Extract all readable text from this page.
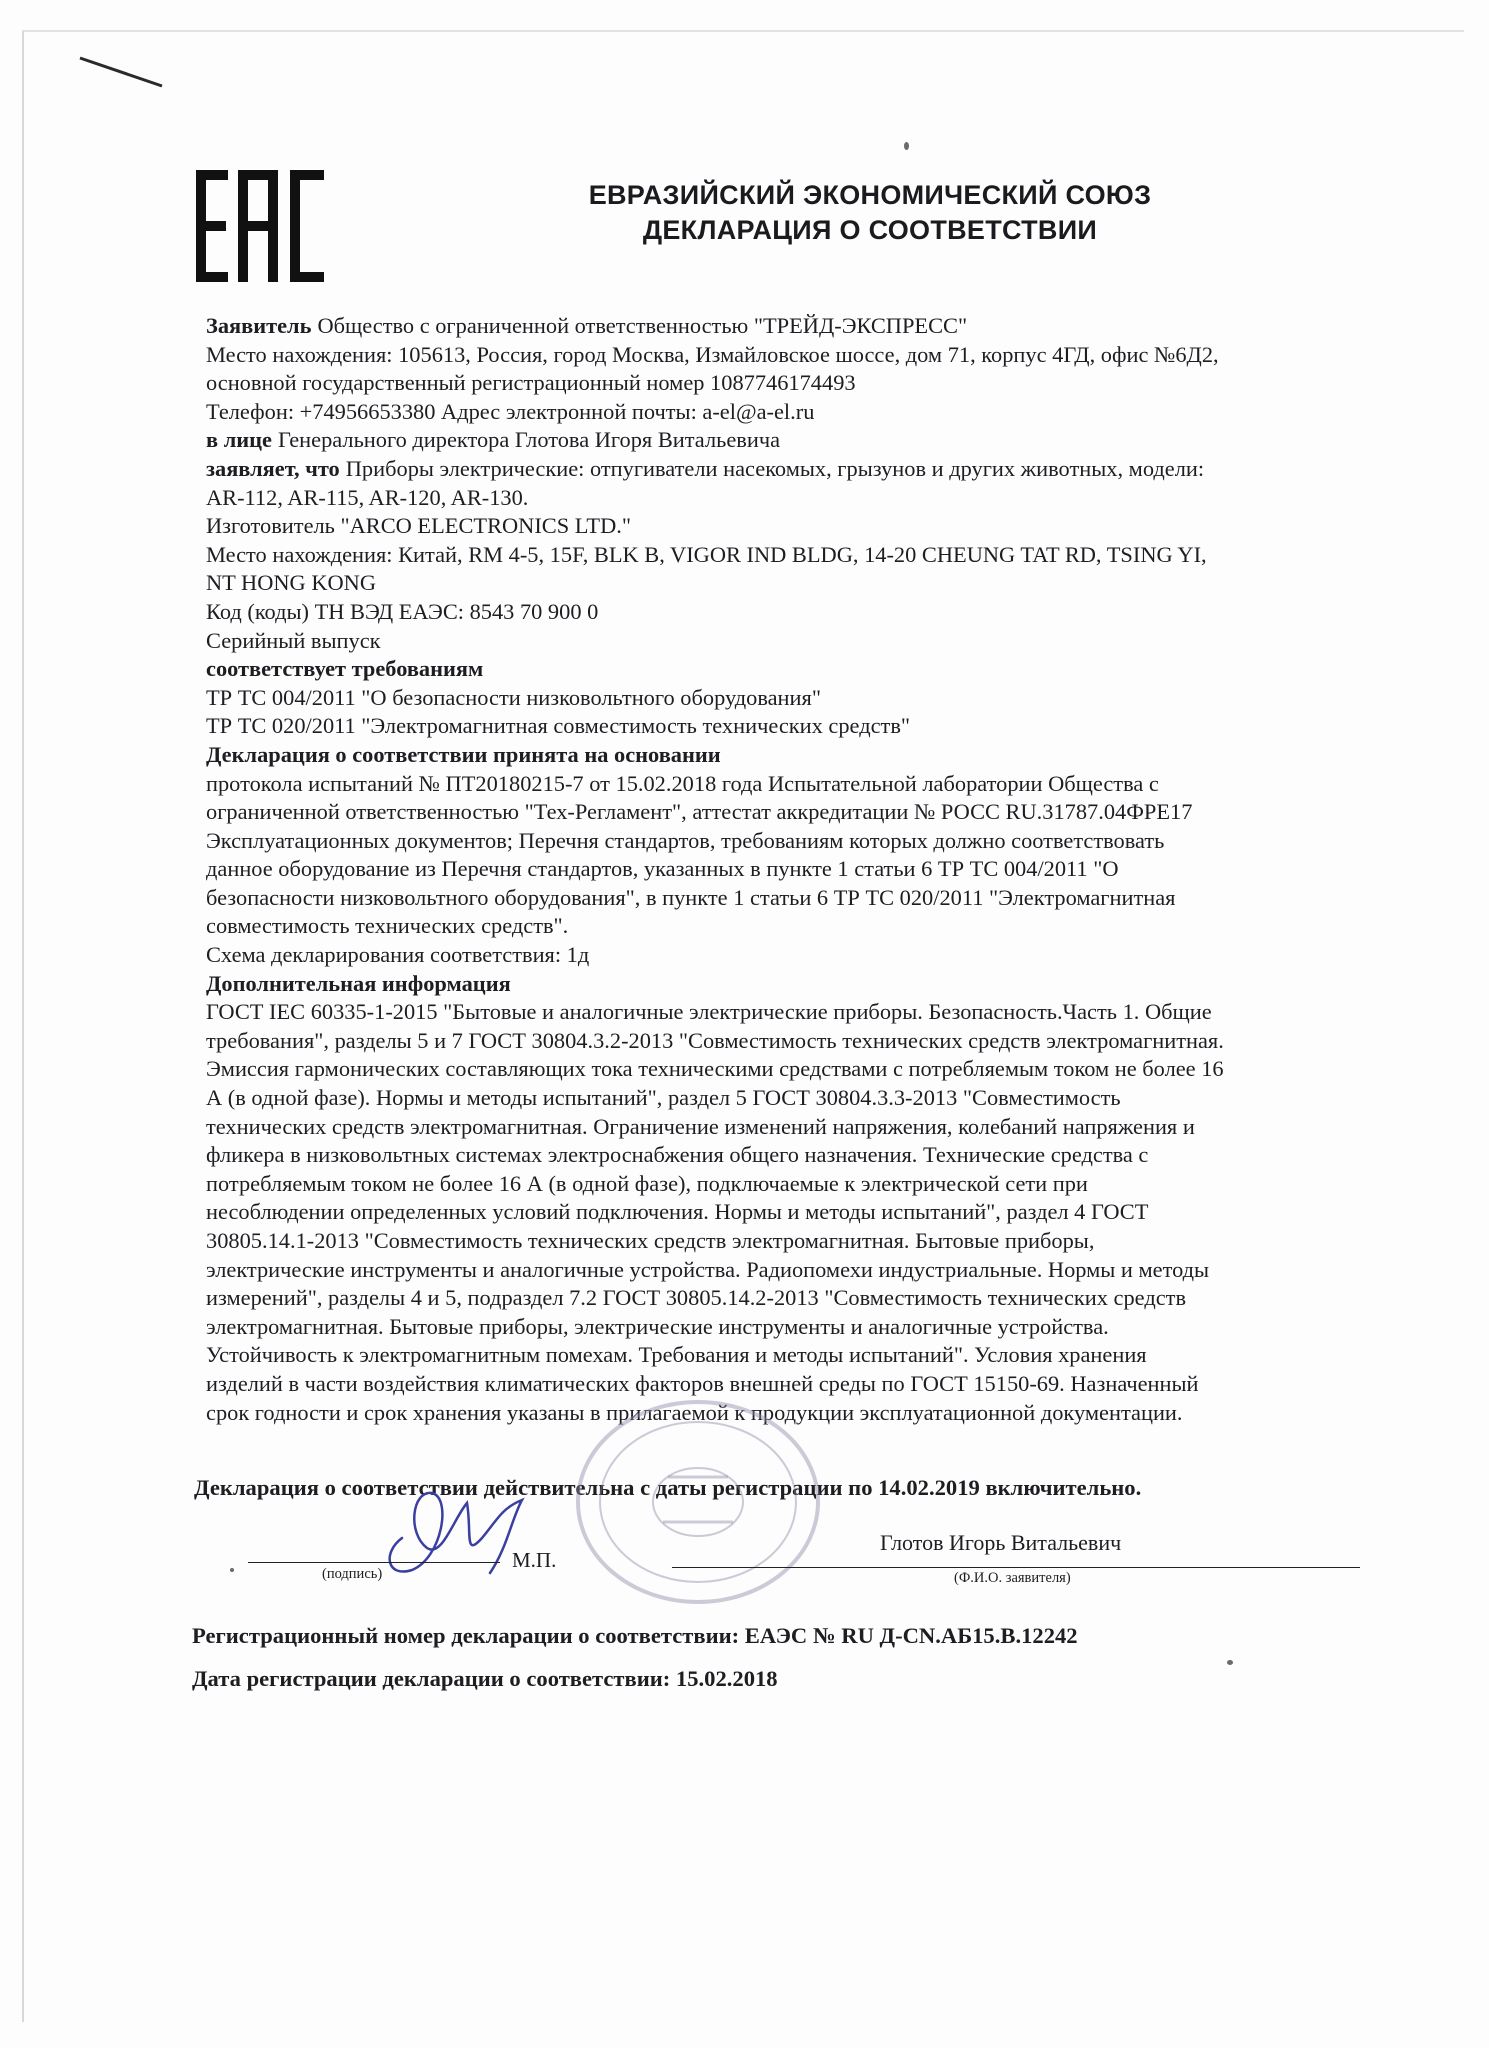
ЕВРАЗИЙСКИЙ ЭКОНОМИЧЕСКИЙ СОЮЗ
ДЕКЛАРАЦИЯ О СООТВЕТСТВИИ

Заявитель Общество с ограниченной ответственностью "ТРЕЙД-ЭКСПРЕСС"

Место нахождения: 105613, Россия, город Москва, Измайловское шоссе, дом 71, корпус 4ГД, офис №6Д2,

основной государственный регистрационный номер 1087746174493

Телефон: +74956653380 Адрес электронной почты: a-el@a-el.ru

в лице Генерального директора Глотова Игоря Витальевича

заявляет, что Приборы электрические: отпугиватели насекомых, грызунов и других животных, модели:

AR-112, AR-115, AR-120, AR-130.

Изготовитель "ARCO ELECTRONICS LTD."

Место нахождения: Китай, RM 4-5, 15F, BLK B, VIGOR IND BLDG, 14-20 CHEUNG TAT RD, TSING YI,

NT HONG KONG

Код (коды) ТН ВЭД ЕАЭС: 8543 70 900 0

Серийный выпуск

соответствует требованиям

ТР ТС 004/2011 "О безопасности низковольтного оборудования"

ТР ТС 020/2011 "Электромагнитная совместимость технических средств"

Декларация о соответствии принята на основании

протокола испытаний № ПТ20180215-7 от 15.02.2018 года Испытательной лаборатории Общества с

ограниченной ответственностью "Тех-Регламент", аттестат аккредитации № РОСС RU.31787.04ФРЕ17

Эксплуатационных документов; Перечня стандартов, требованиям которых должно соответствовать

данное оборудование из Перечня стандартов, указанных в пункте 1 статьи 6 ТР ТС 004/2011 "О

безопасности низковольтного оборудования", в пункте 1 статьи 6 ТР ТС 020/2011 "Электромагнитная

совместимость технических средств".

Схема декларирования соответствия: 1д

Дополнительная информация

ГОСТ IEC 60335-1-2015 "Бытовые и аналогичные электрические приборы. Безопасность.Часть 1. Общие

требования", разделы 5 и 7 ГОСТ 30804.3.2-2013 "Совместимость технических средств электромагнитная.

Эмиссия гармонических составляющих тока техническими средствами с потребляемым током не более 16

А (в одной фазе). Нормы и методы испытаний", раздел 5 ГОСТ 30804.3.3-2013 "Совместимость

технических средств электромагнитная. Ограничение изменений напряжения, колебаний напряжения и

фликера в низковольтных системах электроснабжения общего назначения. Технические средства с

потребляемым током не более 16 А (в одной фазе), подключаемые к электрической сети при

несоблюдении определенных условий подключения. Нормы и методы испытаний", раздел 4 ГОСТ

30805.14.1-2013 "Совместимость технических средств электромагнитная. Бытовые приборы,

электрические инструменты и аналогичные устройства. Радиопомехи индустриальные. Нормы и методы

измерений", разделы 4 и 5, подраздел 7.2 ГОСТ 30805.14.2-2013 "Совместимость технических средств

электромагнитная. Бытовые приборы, электрические инструменты и аналогичные устройства.

Устойчивость к электромагнитным помехам. Требования и методы испытаний". Условия хранения

изделий в части воздействия климатических факторов внешней среды по ГОСТ 15150-69. Назначенный

срок годности и срок хранения указаны в прилагаемой к продукции эксплуатационной документации.

Декларация о соответствии действительна с даты регистрации по 14.02.2019 включительно.
Глотов Игорь Витальевич
(подпись)
М.П.
(Ф.И.О. заявителя)
Регистрационный номер декларации о соответствии: ЕАЭС № RU Д-CN.АБ15.В.12242
Дата регистрации декларации о соответствии: 15.02.2018
